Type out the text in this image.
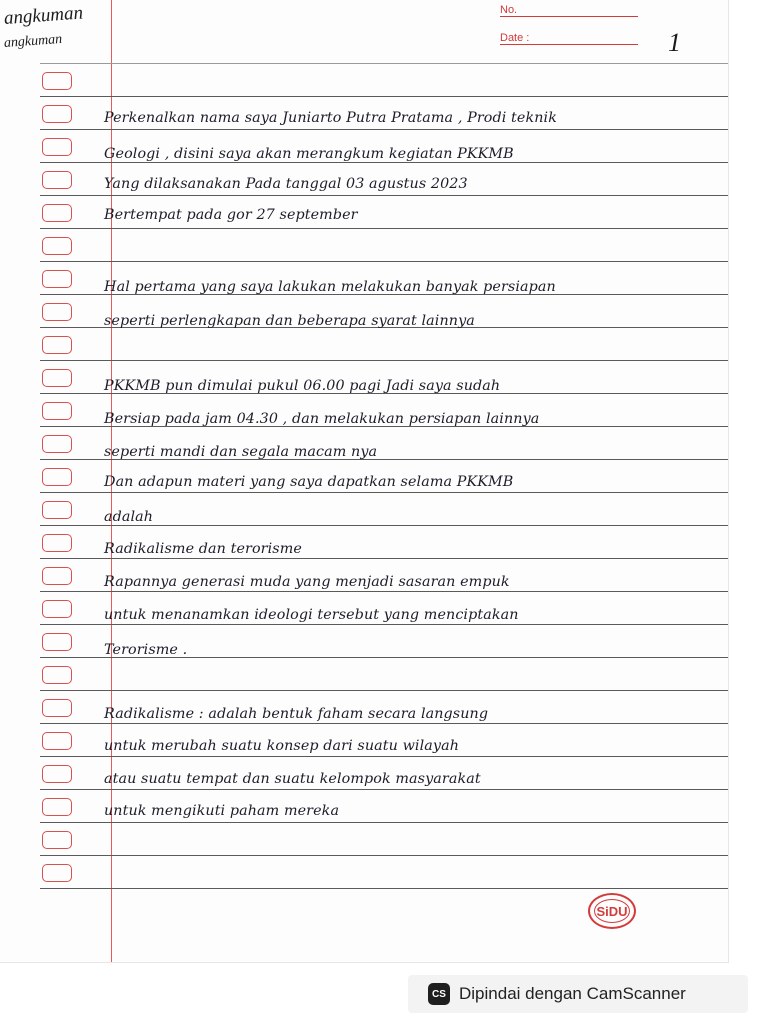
angkuman
angkuman
No.
Date :	1
Perkenalkan nama saya Juniarto Putra Pratama , Prodi teknik
Geologi , disini saya akan merangkum kegiatan PKKMB
Yang dilaksanakan Pada tanggal 03 agustus 2023
Bertempat pada gor 27 september
Hal pertama yang saya lakukan melakukan banyak persiapan
seperti perlengkapan dan beberapa syarat lainnya
PKKMB pun dimulai pukul 06.00 pagi Jadi saya sudah
Bersiap pada jam 04.30 , dan melakukan persiapan lainnya
seperti mandi dan segala macam nya
Dan adapun materi yang saya dapatkan selama PKKMB
adalah
Radikalisme dan terorisme
Rapannya generasi muda yang menjadi sasaran empuk
untuk menanamkan ideologi tersebut yang menciptakan
Terorisme .
Radikalisme : adalah bentuk faham secara langsung
untuk merubah suatu konsep dari suatu wilayah
atau suatu tempat dan suatu kelompok masyarakat
untuk mengikuti paham mereka
SiDU
CS Dipindai dengan CamScanner
